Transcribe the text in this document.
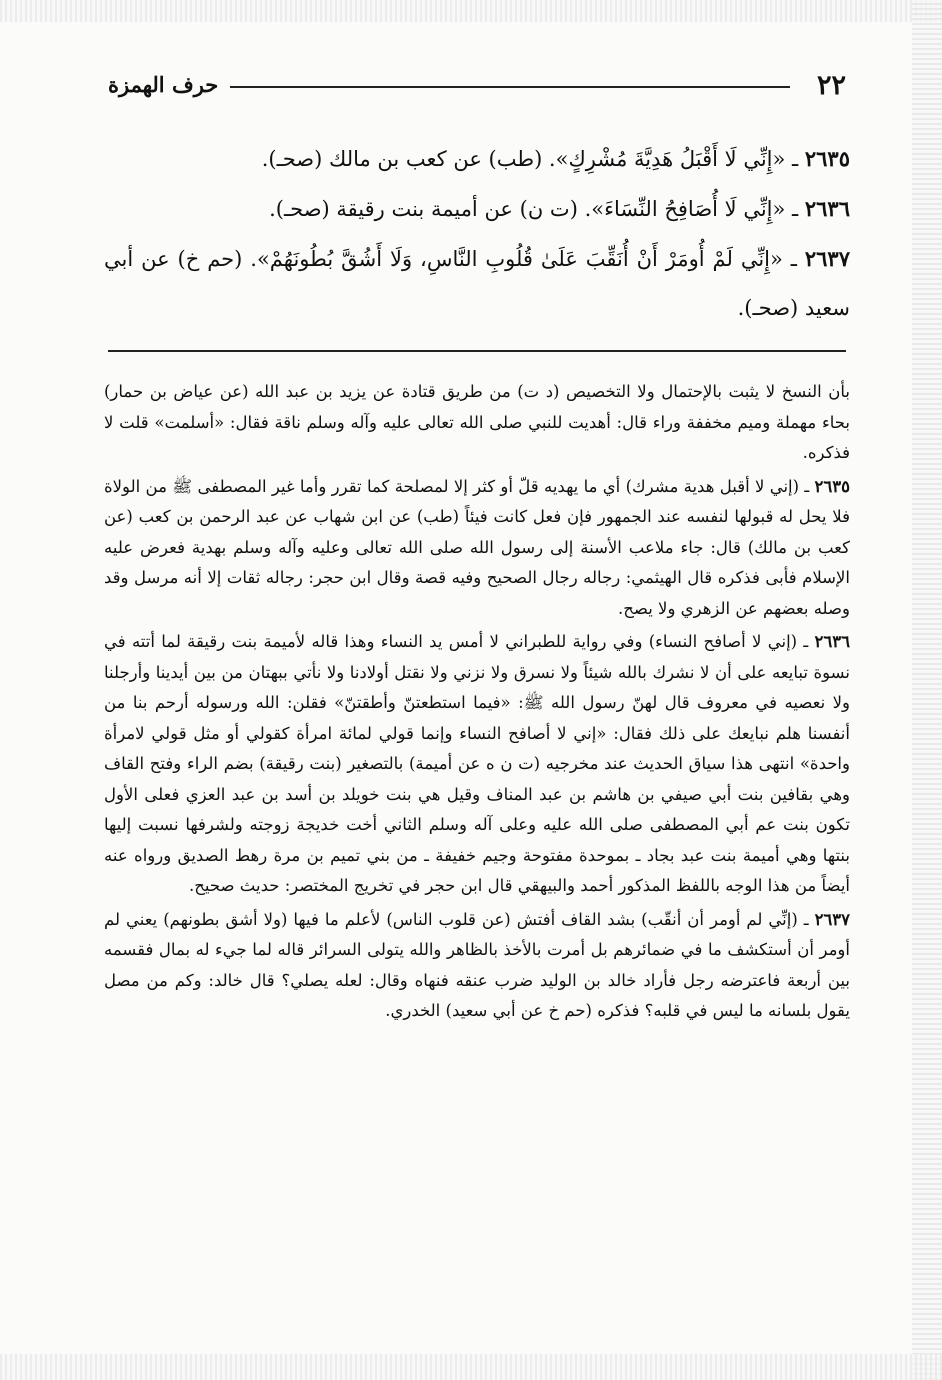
٢٢
حرف الهمزة

٢٦٣٥ ـ «إِنِّي لَا أَقْبَلُ هَدِيَّةَ مُشْرِكٍ». (طب) عن كعب بن مالك (صحـ).

٢٦٣٦ ـ «إِنِّي لَا أُصَافِحُ النِّسَاءَ». (ت ن) عن أميمة بنت رقيقة (صحـ).

٢٦٣٧ ـ «إِنِّي لَمْ أُومَرْ أَنْ أُنَقِّبَ عَلَىٰ قُلُوبِ النَّاسِ، وَلَا أَشُقَّ بُطُونَهُمْ». (حم خ) عن أبي سعيد (صحـ).

بأن النسخ لا يثبت بالإحتمال ولا التخصيص (د ت) من طريق قتادة عن يزيد بن عبد الله (عن عياض بن حمار) بحاء مهملة وميم مخففة وراء قال: أهديت للنبي صلى الله تعالى عليه وآله وسلم ناقة فقال: «أسلمت» قلت لا فذكره.

٢٦٣٥ ـ (إني لا أقبل هدية مشرك) أي ما يهديه قلّ أو كثر إلا لمصلحة كما تقرر وأما غير المصطفى ﷺ من الولاة فلا يحل له قبولها لنفسه عند الجمهور فإن فعل كانت فيئاً (طب) عن ابن شهاب عن عبد الرحمن بن كعب (عن كعب بن مالك) قال: جاء ملاعب الأسنة إلى رسول الله صلى الله تعالى وعليه وآله وسلم بهدية فعرض عليه الإسلام فأبى فذكره قال الهيثمي: رجاله رجال الصحيح وفيه قصة وقال ابن حجر: رجاله ثقات إلا أنه مرسل وقد وصله بعضهم عن الزهري ولا يصح.

٢٦٣٦ ـ (إني لا أصافح النساء) وفي رواية للطبراني لا أمس يد النساء وهذا قاله لأميمة بنت رقيقة لما أتته في نسوة تبايعه على أن لا نشرك بالله شيئاً ولا نسرق ولا نزني ولا نقتل أولادنا ولا نأتي ببهتان من بين أيدينا وأرجلنا ولا نعصيه في معروف قال لهنّ رسول الله ﷺ: «فيما استطعتنّ وأطقتنّ» فقلن: الله ورسوله أرحم بنا من أنفسنا هلم نبايعك على ذلك فقال: «إني لا أصافح النساء وإنما قولي لمائة امرأة كقولي أو مثل قولي لامرأة واحدة» انتهى هذا سياق الحديث عند مخرجيه (ت ن ه عن أميمة) بالتصغير (بنت رقيقة) بضم الراء وفتح القاف وهي بقافين بنت أبي صيفي بن هاشم بن عبد المناف وقيل هي بنت خويلد بن أسد بن عبد العزي فعلى الأول تكون بنت عم أبي المصطفى صلى الله عليه وعلى آله وسلم الثاني أخت خديجة زوجته ولشرفها نسبت إليها بنتها وهي أميمة بنت عبد بجاد ـ بموحدة مفتوحة وجيم خفيفة ـ من بني تميم بن مرة رهط الصديق ورواه عنه أيضاً من هذا الوجه باللفظ المذكور أحمد والبيهقي قال ابن حجر في تخريج المختصر: حديث صحيح.

٢٦٣٧ ـ (إنِّي لم أومر أن أنقّب) بشد القاف أفتش (عن قلوب الناس) لأعلم ما فيها (ولا أشق بطونهم) يعني لم أومر أن أستكشف ما في ضمائرهم بل أمرت بالأخذ بالظاهر والله يتولى السرائر قاله لما جيء له بمال فقسمه بين أربعة فاعترضه رجل فأراد خالد بن الوليد ضرب عنقه فنهاه وقال: لعله يصلي؟ قال خالد: وكم من مصل يقول بلسانه ما ليس في قلبه؟ فذكره (حم خ عن أبي سعيد) الخدري.
